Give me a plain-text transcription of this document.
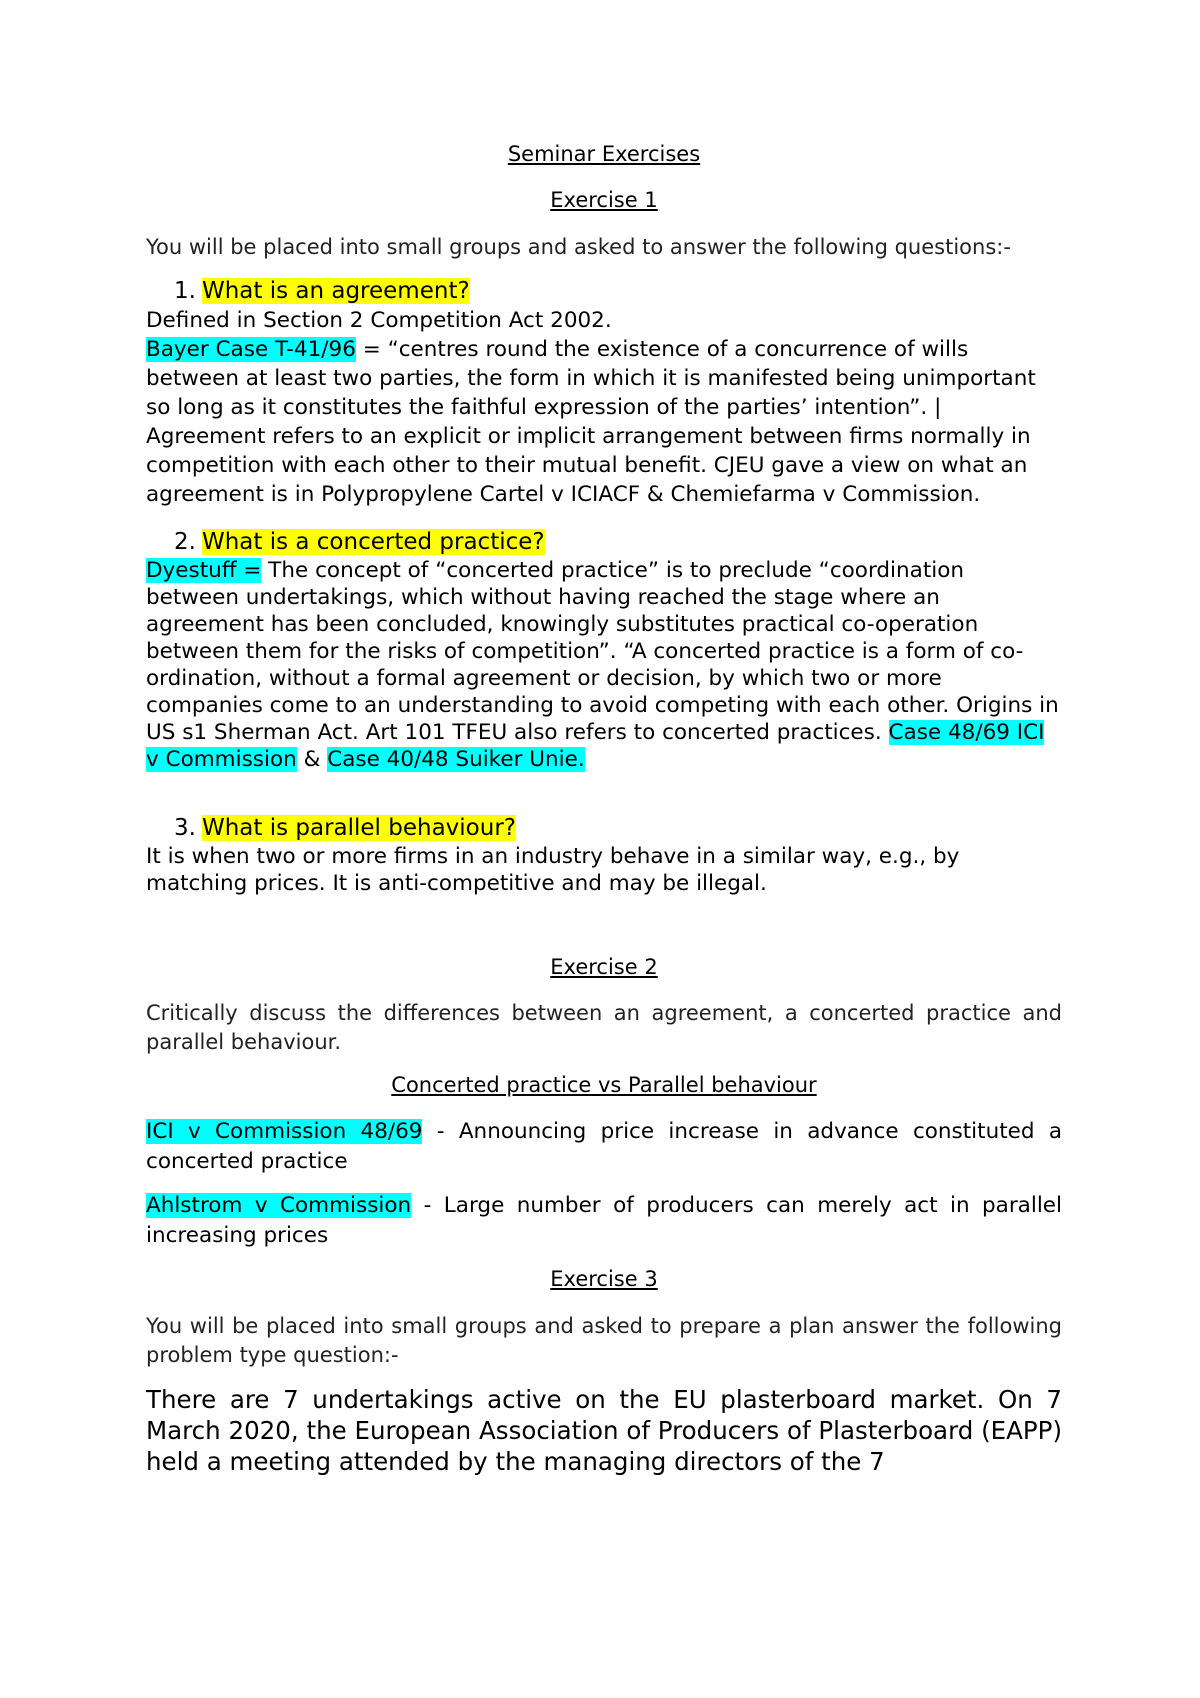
Seminar Exercises
Exercise 1

You will be placed into small groups and asked to answer the following questions:-

1. What is an agreement?

Defined in Section 2 Competition Act 2002.
Bayer Case T-41/96 = “centres round the existence of a concurrence of wills between at least two parties, the form in which it is manifested being unimportant so long as it constitutes the faithful expression of the parties’ intention”. | Agreement refers to an explicit or implicit arrangement between firms normally in competition with each other to their mutual benefit. CJEU gave a view on what an agreement is in Polypropylene Cartel v ICIACF & Chemiefarma v Commission.

2. What is a concerted practice?

Dyestuff = The concept of “concerted practice” is to preclude “coordination between undertakings, which without having reached the stage where an agreement has been concluded, knowingly substitutes practical co-operation between them for the risks of competition”. “A concerted practice is a form of co-ordination, without a formal agreement or decision, by which two or more companies come to an understanding to avoid competing with each other. Origins in US s1 Sherman Act. Art 101 TFEU also refers to concerted practices. Case 48/69 ICI v Commission & Case 40/48 Suiker Unie.

3. What is parallel behaviour?

It is when two or more firms in an industry behave in a similar way, e.g., by matching prices. It is anti-competitive and may be illegal.
Exercise 2

Critically discuss the differences between an agreement, a concerted practice and parallel behaviour.

Concerted practice vs Parallel behaviour

ICI v Commission 48/69 - Announcing price increase in advance constituted a concerted practice

Ahlstrom v Commission - Large number of producers can merely act in parallel increasing prices

Exercise 3

You will be placed into small groups and asked to prepare a plan answer the following problem type question:-

There are 7 undertakings active on the EU plasterboard market. On 7 March 2020, the European Association of Producers of Plasterboard (EAPP) held a meeting attended by the managing directors of the 7
